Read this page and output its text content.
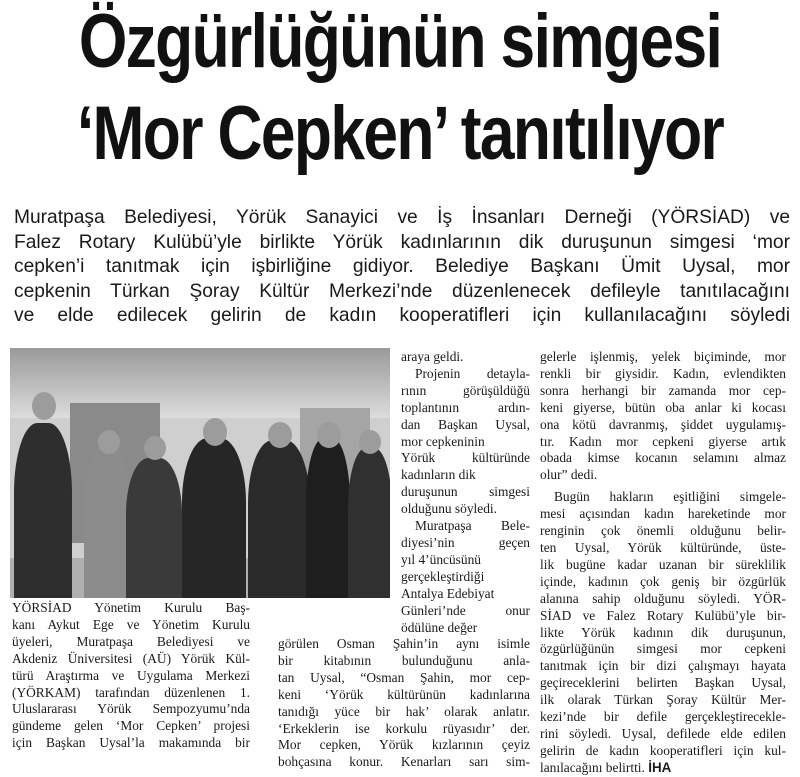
Özgürlüğünün simgesi
‘Mor Cepken’ tanıtılıyor
Muratpaşa Belediyesi, Yörük Sanayici ve İş İnsanları Derneği (YÖRSİAD) ve
Falez Rotary Kulübü’yle birlikte Yörük kadınlarının dik duruşunun simgesi ‘mor
cepken’i tanıtmak için işbirliğine gidiyor. Belediye Başkanı Ümit Uysal, mor
cepkenin Türkan Şoray Kültür Merkezi’nde düzenlenecek defileyle tanıtılacağını
ve elde edilecek gelirin de kadın kooperatifleri için kullanılacağını söyledi
YÖRSİAD Yönetim Kurulu Baş-
kanı Aykut Ege ve Yönetim Kurulu
üyeleri, Muratpaşa Belediyesi ve
Akdeniz Üniversitesi (AÜ) Yörük Kül-
türü Araştırma ve Uygulama Merkezi
(YÖRKAM) tarafından düzenlenen 1.
Uluslararası Yörük Sempozyumu’nda
gündeme gelen ‘Mor Cepken’ projesi
için Başkan Uysal’la makamında bir
araya geldi.
Projenin detayla-
rının görüşüldüğü
toplantının ardın-
dan Başkan Uysal,
mor cepkeninin
Yörük kültüründe
kadınların dik
duruşunun simgesi
olduğunu söyledi.
Muratpaşa Bele-
diyesi’nin geçen
yıl 4’üncüsünü
gerçekleştirdiği
Antalya Edebiyat
Günleri’nde onur
ödülüne değer
görülen Osman Şahin’in aynı isimle
bir kitabının bulunduğunu anla-
tan Uysal, “Osman Şahin, mor cep-
keni ‘Yörük kültürünün kadınlarına
tanıdığı yüce bir hak’ olarak anlatır.
‘Erkeklerin ise korkulu rüyasıdır’ der.
Mor cepken, Yörük kızlarının çeyiz
bohçasına konur. Kenarları sarı sim-
gelerle işlenmiş, yelek biçiminde, mor
renkli bir giysidir. Kadın, evlendikten
sonra herhangi bir zamanda mor cep-
keni giyerse, bütün oba anlar ki kocası
ona kötü davranmış, şiddet uygulamış-
tır. Kadın mor cepkeni giyerse artık
obada kimse kocanın selamını almaz
olur” dedi.
Bugün hakların eşitliğini simgele-
mesi açısından kadın hareketinde mor
renginin çok önemli olduğunu belir-
ten Uysal, Yörük kültüründe, üste-
lik bugüne kadar uzanan bir süreklilik
içinde, kadının çok geniş bir özgürlük
alanına sahip olduğunu söyledi. YÖR-
SİAD ve Falez Rotary Kulübü’yle bir-
likte Yörük kadının dik duruşunun,
özgürlüğünün simgesi mor cepkeni
tanıtmak için bir dizi çalışmayı hayata
geçireceklerini belirten Başkan Uysal,
ilk olarak Türkan Şoray Kültür Mer-
kezi’nde bir defile gerçekleştirecekle-
rini söyledi. Uysal, defilede elde edilen
gelirin de kadın kooperatifleri için kul-
lanılacağını belirtti. İHA
